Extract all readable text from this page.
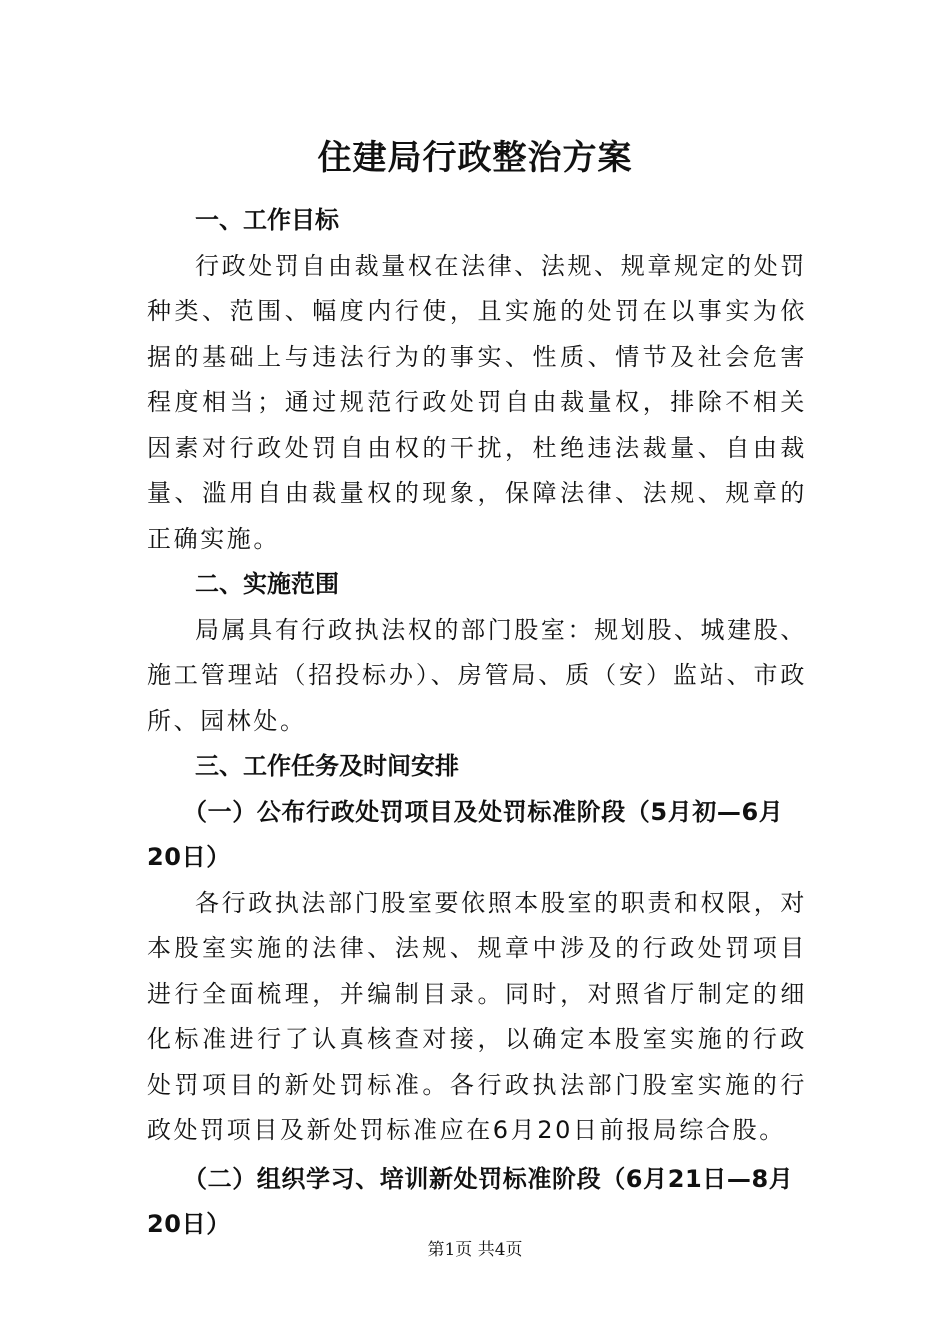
住建局行政整治方案

一、工作目标

行政处罚自由裁量权在法律、法规、规章规定的处罚种类、范围、幅度内行使，且实施的处罚在以事实为依据的基础上与违法行为的事实、性质、情节及社会危害程度相当；通过规范行政处罚自由裁量权，排除不相关因素对行政处罚自由权的干扰，杜绝违法裁量、自由裁量、滥用自由裁量权的现象，保障法律、法规、规章的正确实施。

二、实施范围

局属具有行政执法权的部门股室：规划股、城建股、施工管理站（招投标办）、房管局、质（安）监站、市政所、园林处。

三、工作任务及时间安排

（一）公布行政处罚项目及处罚标准阶段（5月初—6月20日）

各行政执法部门股室要依照本股室的职责和权限，对本股室实施的法律、法规、规章中涉及的行政处罚项目进行全面梳理，并编制目录。同时，对照省厅制定的细化标准进行了认真核查对接，以确定本股室实施的行政处罚项目的新处罚标准。各行政执法部门股室实施的行政处罚项目及新处罚标准应在6月20日前报局综合股。

（二）组织学习、培训新处罚标准阶段（6月21日—8月20日）

第1页 共4页
